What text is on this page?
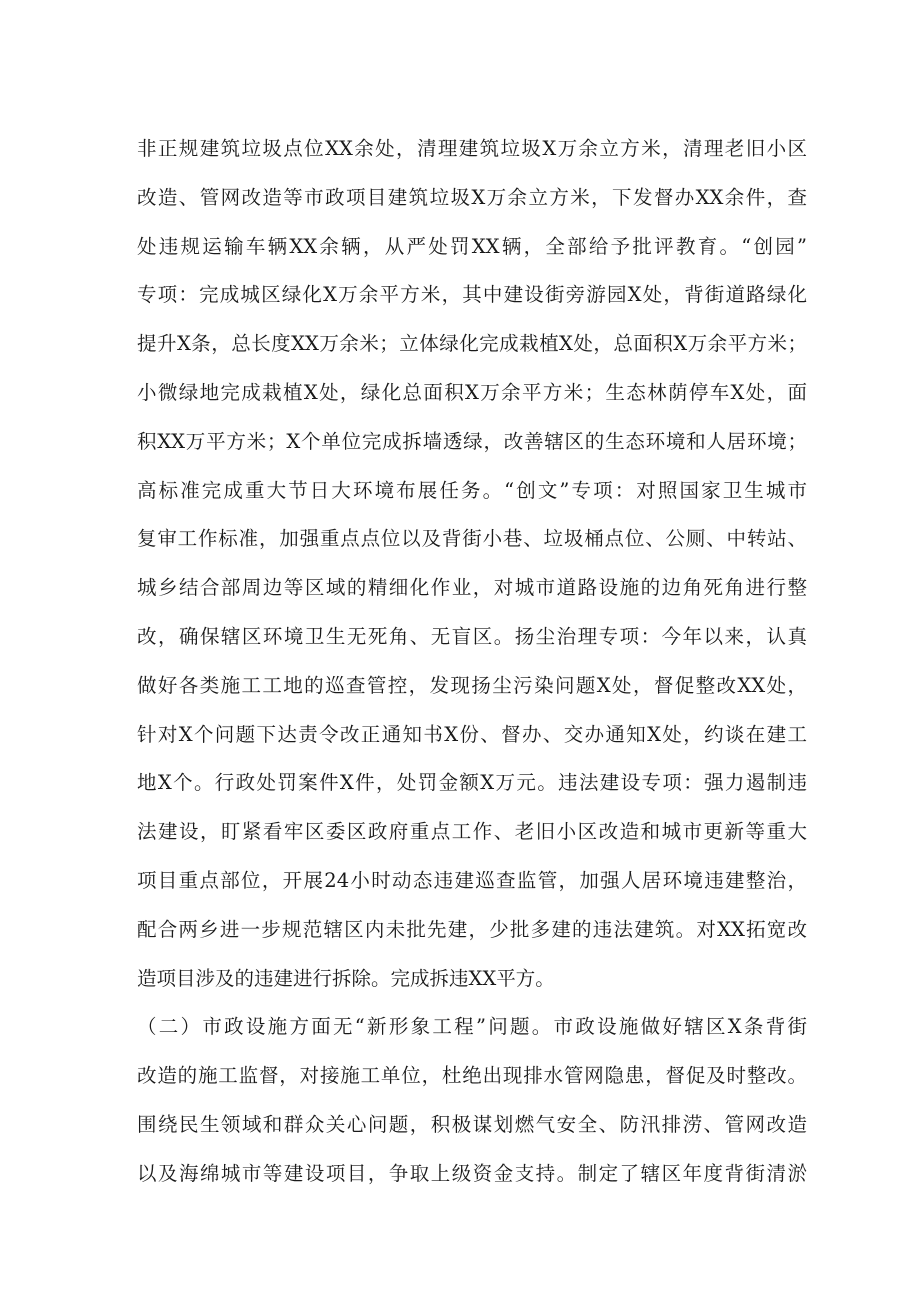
非正规建筑垃圾点位XX余处，清理建筑垃圾X万余立方米，清理老旧小区
改造、管网改造等市政项目建筑垃圾X万余立方米，下发督办XX余件，查
处违规运输车辆XX余辆，从严处罚XX辆，全部给予批评教育。“创园”
专项：完成城区绿化X万余平方米，其中建设街旁游园X处，背街道路绿化
提升X条，总长度XX万余米；立体绿化完成栽植X处，总面积X万余平方米；
小微绿地完成栽植X处，绿化总面积X万余平方米；生态林荫停车X处，面
积XX万平方米；X个单位完成拆墙透绿，改善辖区的生态环境和人居环境；
高标准完成重大节日大环境布展任务。“创文”专项：对照国家卫生城市
复审工作标准，加强重点点位以及背街小巷、垃圾桶点位、公厕、中转站、
城乡结合部周边等区域的精细化作业，对城市道路设施的边角死角进行整
改，确保辖区环境卫生无死角、无盲区。扬尘治理专项：今年以来，认真
做好各类施工工地的巡查管控，发现扬尘污染问题X处，督促整改XX处，
针对X个问题下达责令改正通知书X份、督办、交办通知X处，约谈在建工
地X个。行政处罚案件X件，处罚金额X万元。违法建设专项：强力遏制违
法建设，盯紧看牢区委区政府重点工作、老旧小区改造和城市更新等重大
项目重点部位，开展24小时动态违建巡查监管，加强人居环境违建整治，
配合两乡进一步规范辖区内未批先建，少批多建的违法建筑。对XX拓宽改
造项目涉及的违建进行拆除。完成拆违XX平方。
（二）市政设施方面无“新形象工程”问题。市政设施做好辖区X条背街
改造的施工监督，对接施工单位，杜绝出现排水管网隐患，督促及时整改。
围绕民生领域和群众关心问题，积极谋划燃气安全、防汛排涝、管网改造
以及海绵城市等建设项目，争取上级资金支持。制定了辖区年度背街清淤
